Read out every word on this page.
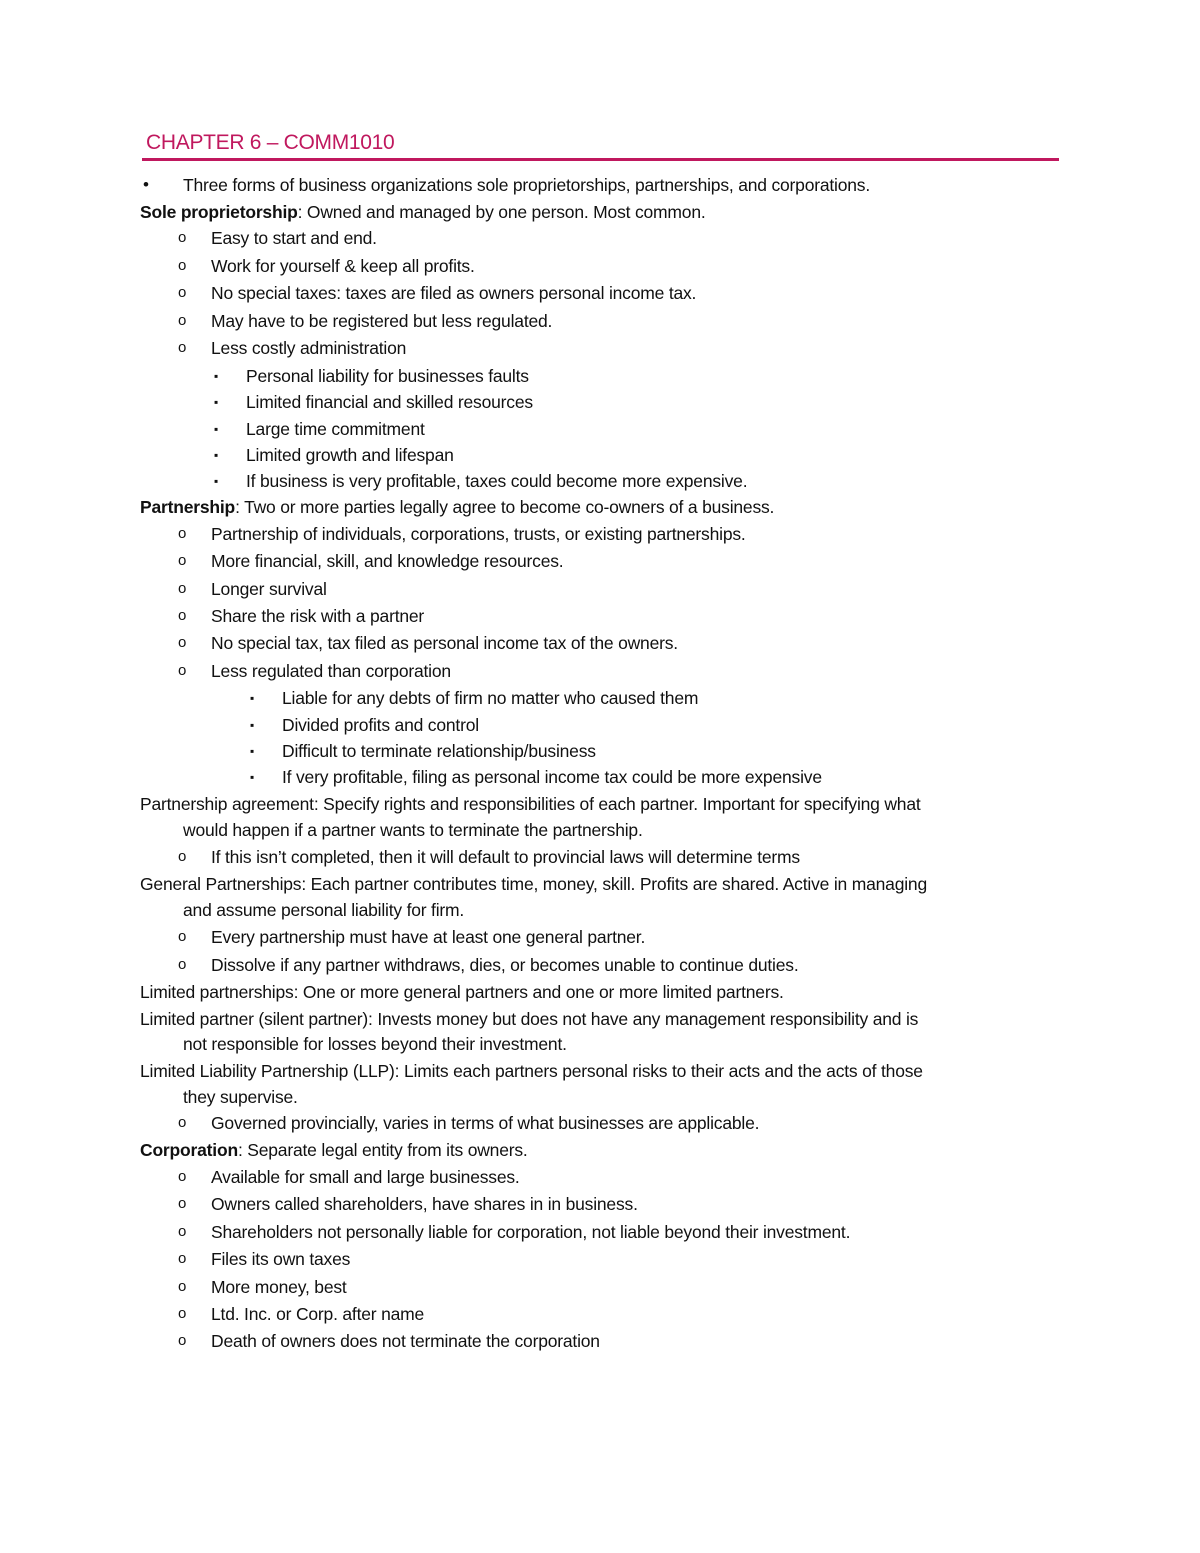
CHAPTER 6 – COMM1010
• Three forms of business organizations sole proprietorships, partnerships, and corporations.
Sole proprietorship: Owned and managed by one person. Most common.
o Easy to start and end.
o Work for yourself & keep all profits.
o No special taxes: taxes are filed as owners personal income tax.
o May have to be registered but less regulated.
o Less costly administration
▪ Personal liability for businesses faults
▪ Limited financial and skilled resources
▪ Large time commitment
▪ Limited growth and lifespan
▪ If business is very profitable, taxes could become more expensive.
Partnership: Two or more parties legally agree to become co-owners of a business.
o Partnership of individuals, corporations, trusts, or existing partnerships.
o More financial, skill, and knowledge resources.
o Longer survival
o Share the risk with a partner
o No special tax, tax filed as personal income tax of the owners.
o Less regulated than corporation
▪ Liable for any debts of firm no matter who caused them
▪ Divided profits and control
▪ Difficult to terminate relationship/business
▪ If very profitable, filing as personal income tax could be more expensive
Partnership agreement: Specify rights and responsibilities of each partner. Important for specifying what
would happen if a partner wants to terminate the partnership.
o If this isn’t completed, then it will default to provincial laws will determine terms
General Partnerships: Each partner contributes time, money, skill. Profits are shared. Active in managing
and assume personal liability for firm.
o Every partnership must have at least one general partner.
o Dissolve if any partner withdraws, dies, or becomes unable to continue duties.
Limited partnerships: One or more general partners and one or more limited partners.
Limited partner (silent partner): Invests money but does not have any management responsibility and is
not responsible for losses beyond their investment.
Limited Liability Partnership (LLP): Limits each partners personal risks to their acts and the acts of those
they supervise.
o Governed provincially, varies in terms of what businesses are applicable.
Corporation: Separate legal entity from its owners.
o Available for small and large businesses.
o Owners called shareholders, have shares in in business.
o Shareholders not personally liable for corporation, not liable beyond their investment.
o Files its own taxes
o More money, best
o Ltd. Inc. or Corp. after name
o Death of owners does not terminate the corporation
